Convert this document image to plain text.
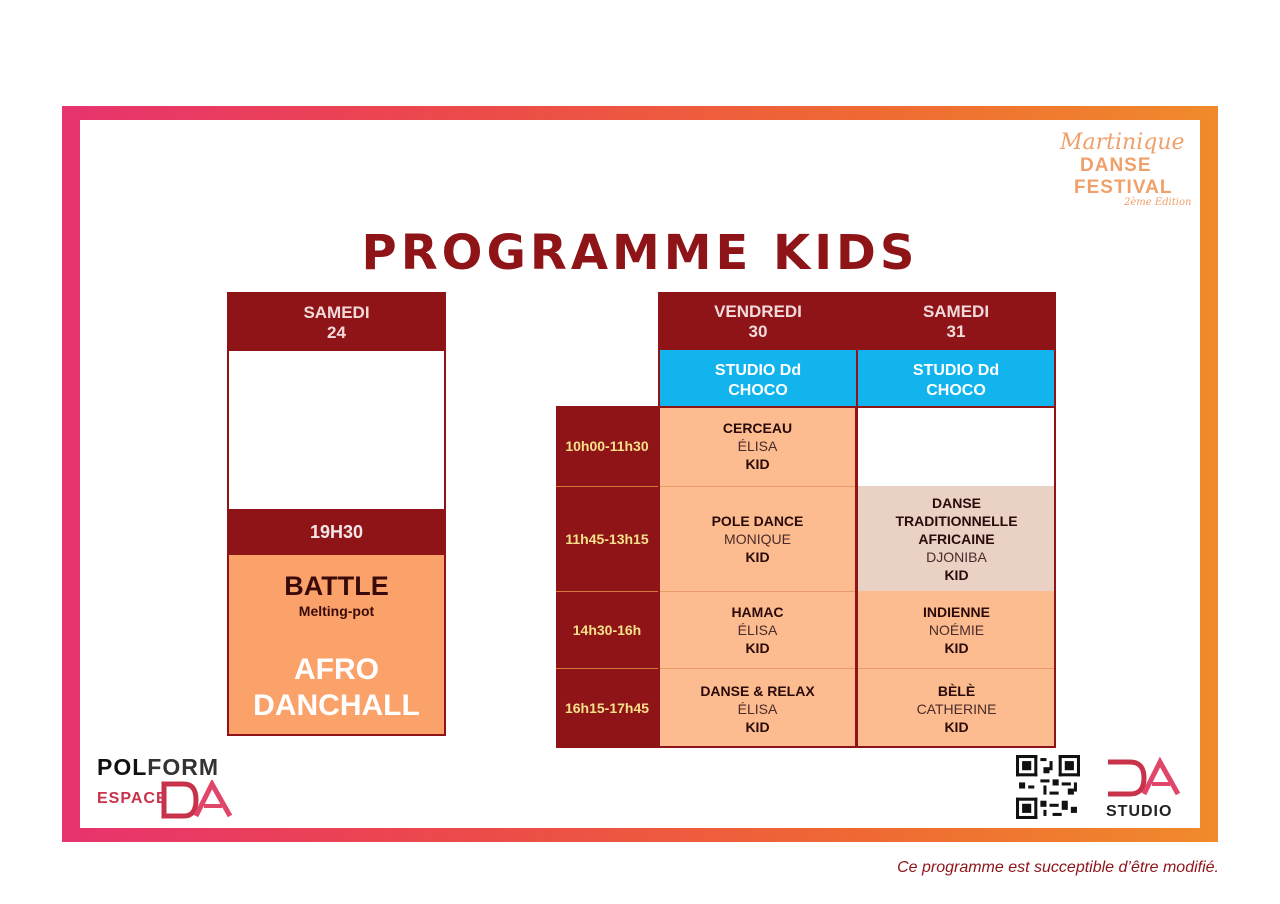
Martinique
DANSE
FESTIVAL
2ème Edition
PROGRAMME KIDS
SAMEDI
24
19H30
BATTLE
Melting-pot
AFRO
DANCHALL
VENDREDI
30
SAMEDI
31
STUDIO Dd
CHOCO
STUDIO Dd
CHOCO
10h00-11h30
11h45-13h15
14h30-16h
16h15-17h45
CERCEAU
ÉLISA
KID
POLE DANCE
MONIQUE
KID
HAMAC
ÉLISA
KID
DANSE & RELAX
ÉLISA
KID
DANSE
TRADITIONNELLE
AFRICAINE
DJONIBA
KID
INDIENNE
NOÉMIE
KID
BÈLÈ
CATHERINE
KID
POLFORM
ESPACE
STUDIO
Ce programme est succeptible d’être modifié.
